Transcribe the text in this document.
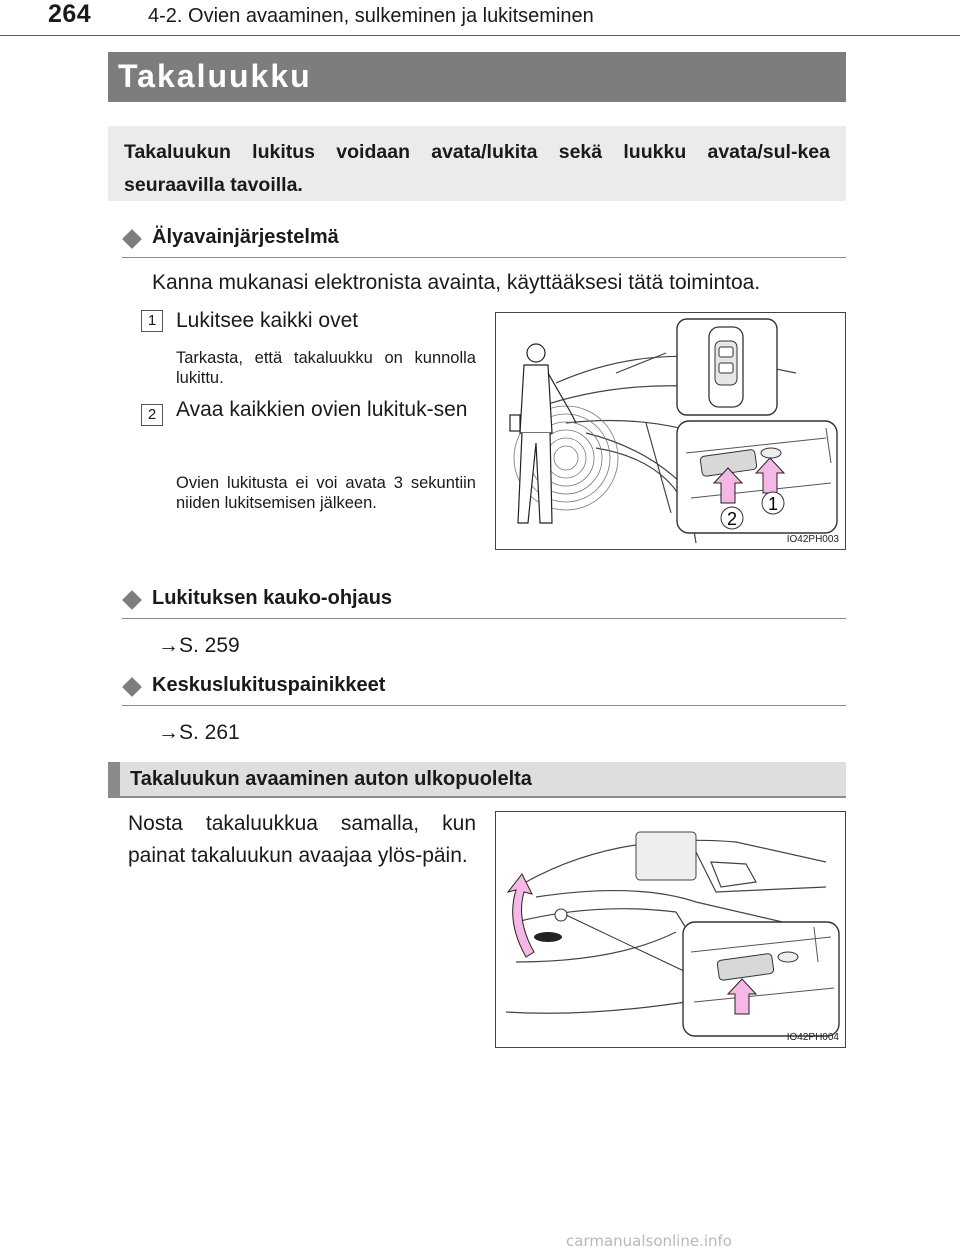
264	4-2. Ovien avaaminen, sulkeminen ja lukitseminen
Takaluukku
Takaluukun lukitus voidaan avata/lukita sekä luukku avata/sul-kea seuraavilla tavoilla.
Älyavainjärjestelmä
Kanna mukanasi elektronista avainta, käyttääksesi tätä toimintoa.
1 Lukitsee kaikki ovet
Tarkasta, että takaluukku on kunnolla lukittu.
2 Avaa kaikkien ovien lukituk-sen
Ovien lukitusta ei voi avata 3 sekuntiin niiden lukitsemisen jälkeen.	1
2
IO42PH003
Lukituksen kauko-ohjaus
→S. 259
Keskuslukituspainikkeet
→S. 261
Takaluukun avaaminen auton ulkopuolelta
Nosta takaluukkua samalla, kun painat takaluukun avaajaa ylös-päin.
IO42PH004
carmanualsonline.info
